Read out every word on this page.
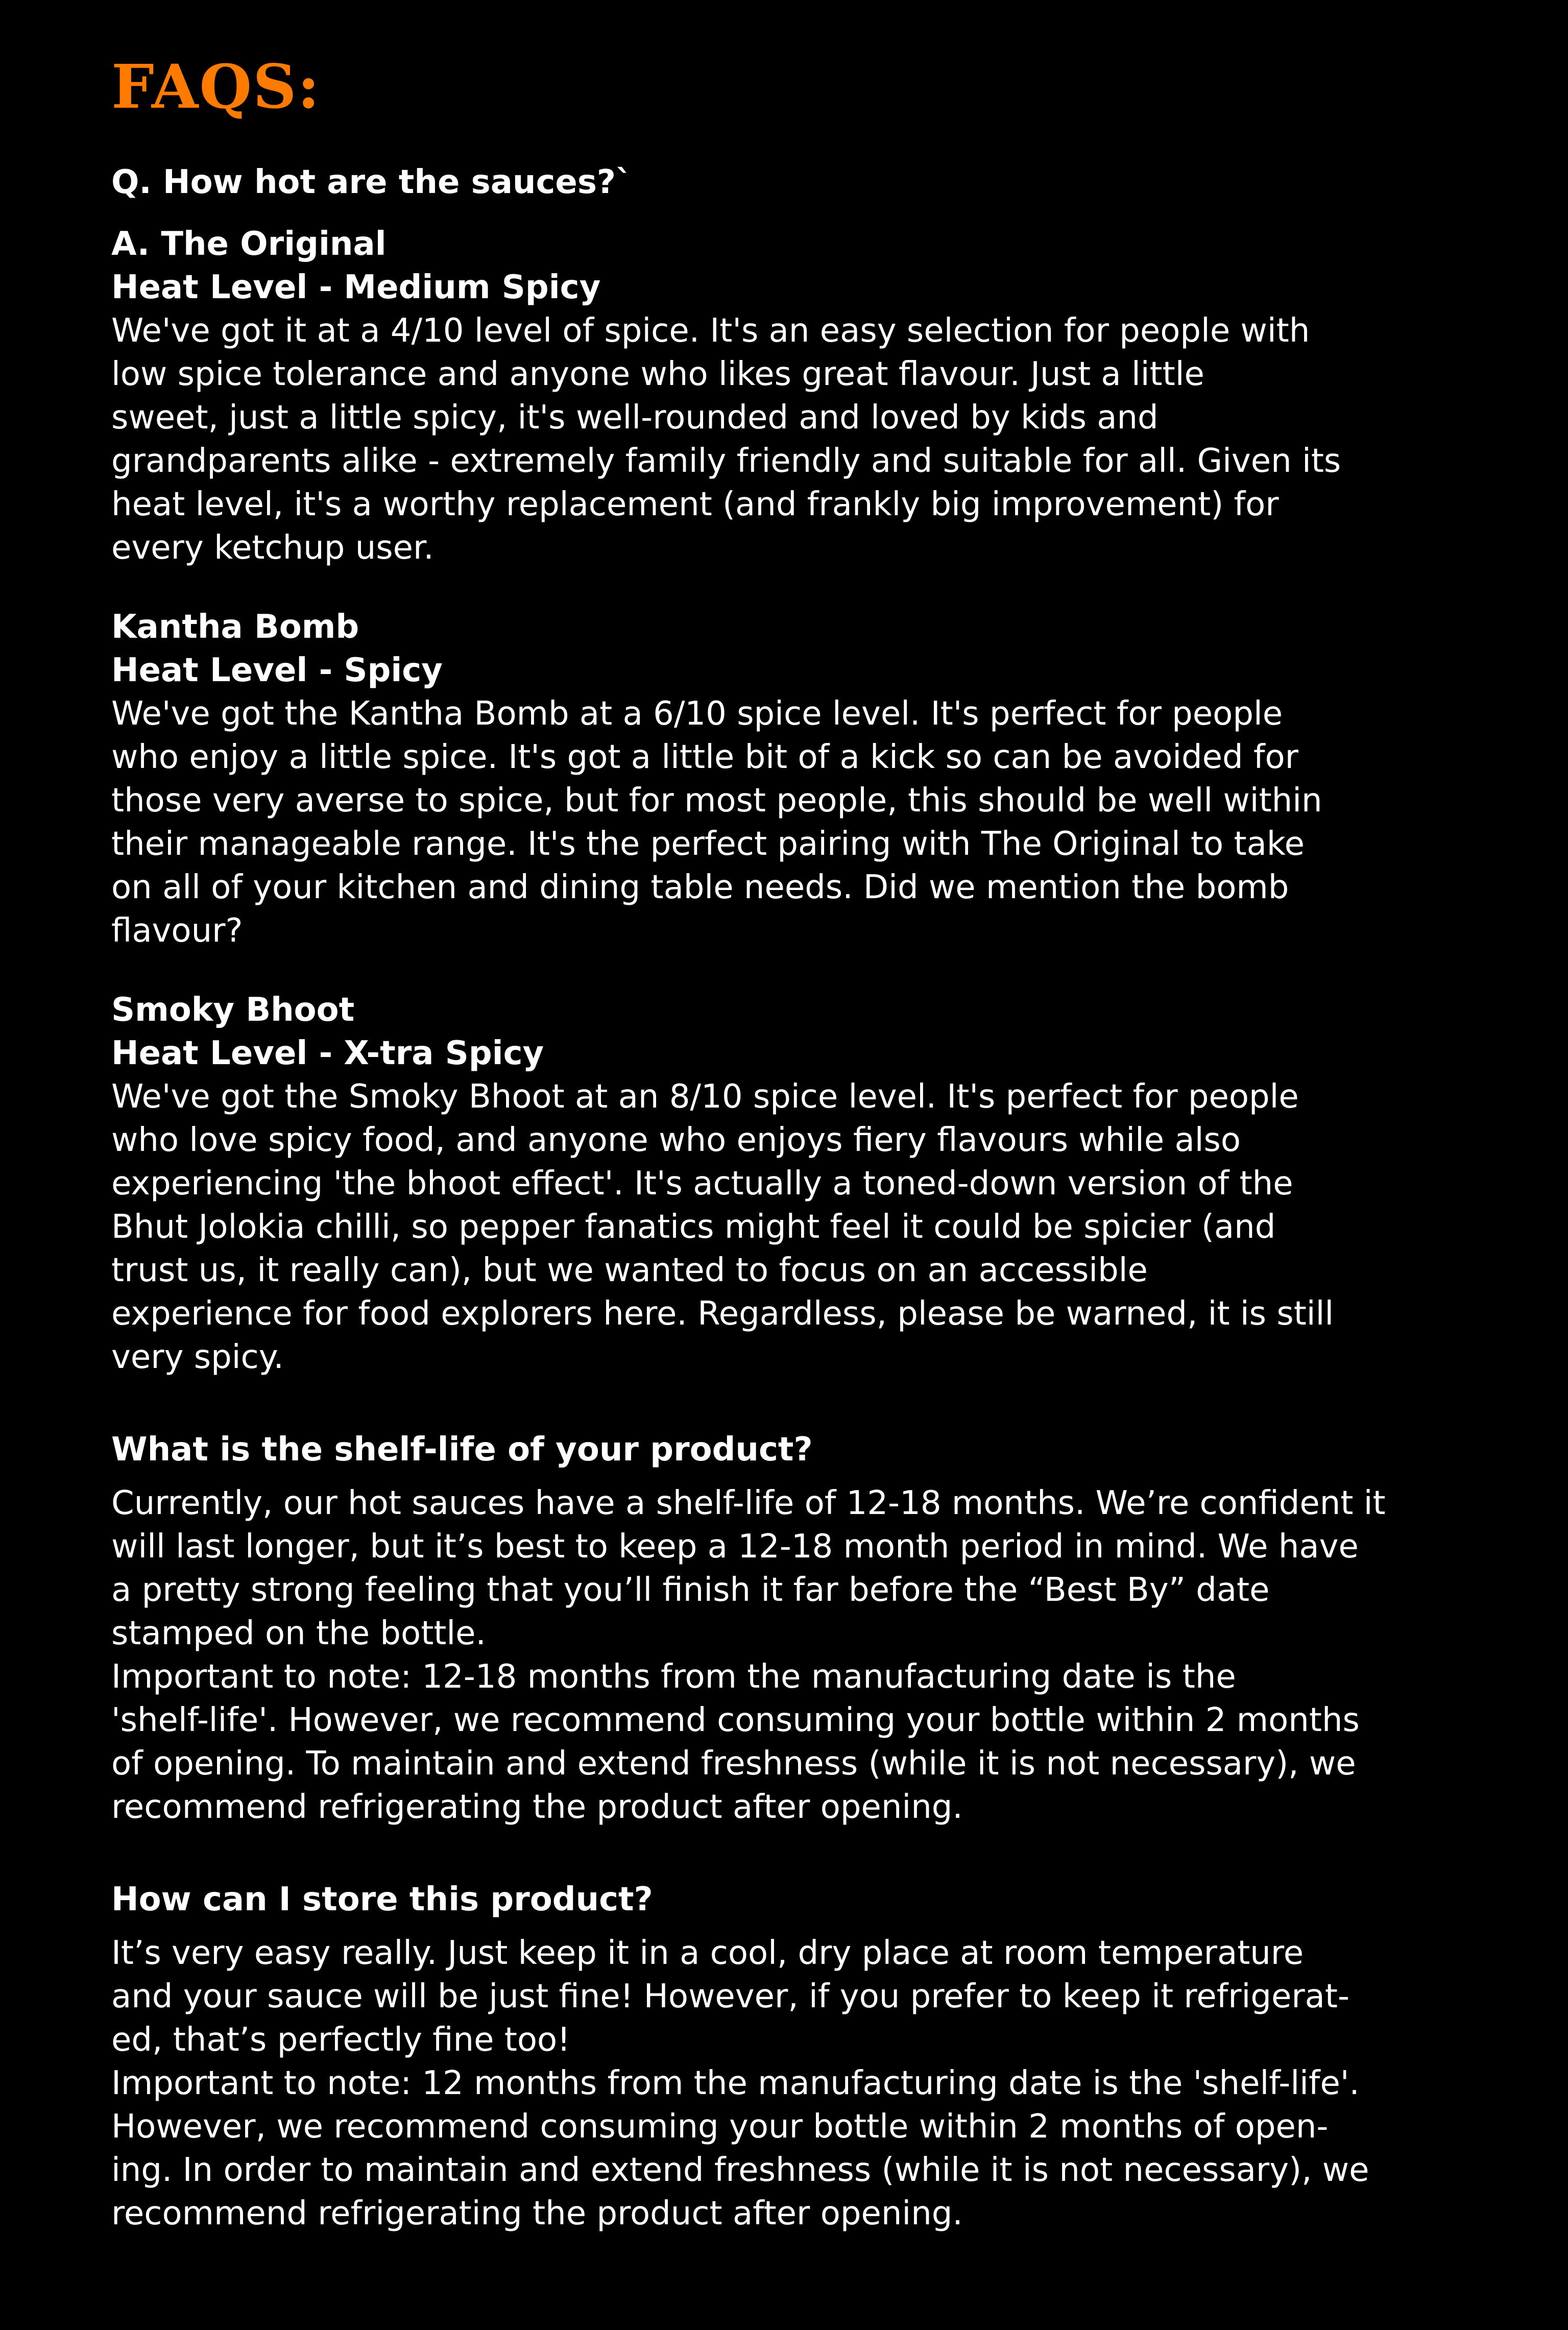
FAQS:
Q. How hot are the sauces?`
A. The Original
Heat Level - Medium Spicy
We've got it at a 4/10 level of spice. It's an easy selection for people with
low spice tolerance and anyone who likes great flavour. Just a little
sweet, just a little spicy, it's well-rounded and loved by kids and
grandparents alike - extremely family friendly and suitable for all. Given its
heat level, it's a worthy replacement (and frankly big improvement) for
every ketchup user.
Kantha Bomb
Heat Level - Spicy
We've got the Kantha Bomb at a 6/10 spice level. It's perfect for people
who enjoy a little spice. It's got a little bit of a kick so can be avoided for
those very averse to spice, but for most people, this should be well within
their manageable range. It's the perfect pairing with The Original to take
on all of your kitchen and dining table needs. Did we mention the bomb
flavour?
Smoky Bhoot
Heat Level - X-tra Spicy
We've got the Smoky Bhoot at an 8/10 spice level. It's perfect for people
who love spicy food, and anyone who enjoys fiery flavours while also
experiencing 'the bhoot effect'. It's actually a toned-down version of the
Bhut Jolokia chilli, so pepper fanatics might feel it could be spicier (and
trust us, it really can), but we wanted to focus on an accessible
experience for food explorers here. Regardless, please be warned, it is still
very spicy.
What is the shelf-life of your product?
Currently, our hot sauces have a shelf-life of 12-18 months. We’re confident it
will last longer, but it’s best to keep a 12-18 month period in mind. We have
a pretty strong feeling that you’ll finish it far before the “Best By” date
stamped on the bottle.
Important to note: 12-18 months from the manufacturing date is the
'shelf-life'. However, we recommend consuming your bottle within 2 months
of opening. To maintain and extend freshness (while it is not necessary), we
recommend refrigerating the product after opening.
How can I store this product?
It’s very easy really. Just keep it in a cool, dry place at room temperature
and your sauce will be just fine! However, if you prefer to keep it refrigerat-
ed, that’s perfectly fine too!
Important to note: 12 months from the manufacturing date is the 'shelf-life'.
However, we recommend consuming your bottle within 2 months of open-
ing. In order to maintain and extend freshness (while it is not necessary), we
recommend refrigerating the product after opening.
